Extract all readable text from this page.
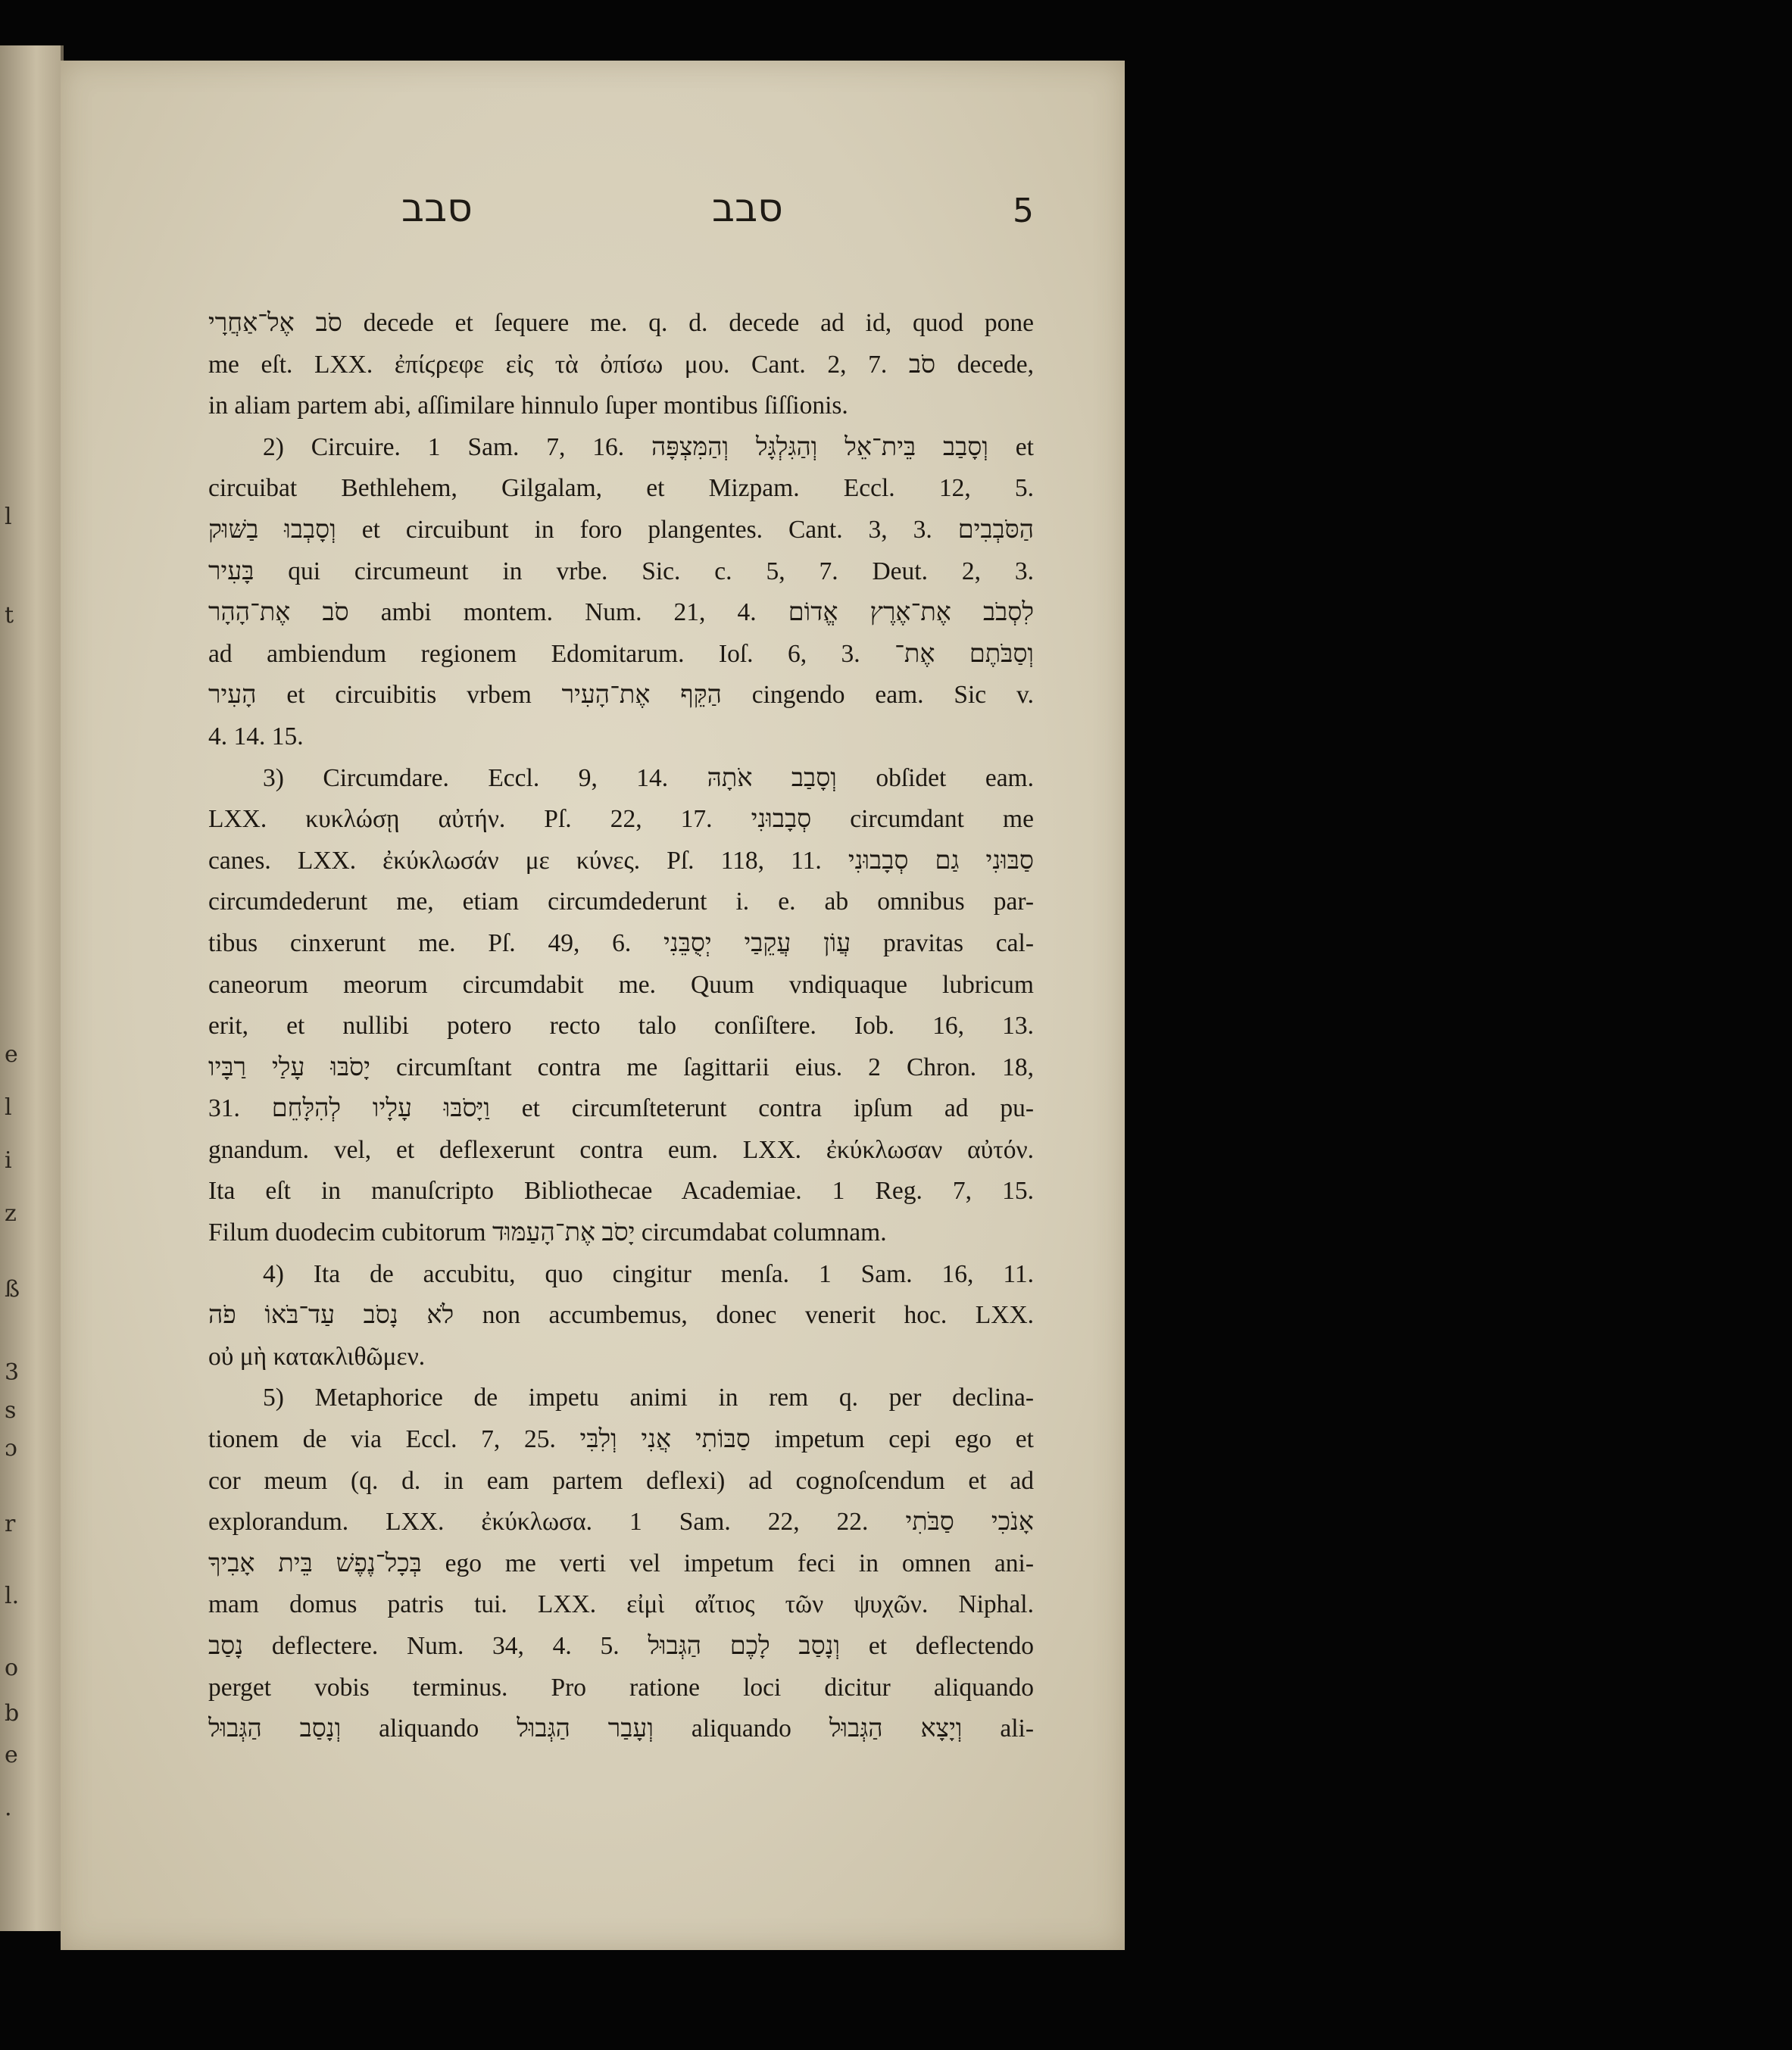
l
t
e
l
i
z
ß
3
s
ɔ
r
l.
o
b
e
.
סבב	סבב	5
סֹב אֶל־אַחֲרָי decede et ſequere me. q. d. decede ad id, quod pone
me eſt. LXX. ἐπίϛρεφε εἰς τὰ ὀπίσω μου. Cant. 2, 7. סֹב decede,
in aliam partem abi, aſſimilare hinnulo ſuper montibus ſiſſionis.
2) Circuire. 1 Sam. 7, 16. וְסָבַב בֵּית־אֵל וְהַגִּלְגָּל וְהַמִּצְפָּה et
circuibat Bethlehem, Gilgalam, et Mizpam. Eccl. 12, 5.
וְסָבְבוּ בַשּׁוּק et circuibunt in foro plangentes. Cant. 3, 3. הַסֹּבְבִים
בָּעִיר qui circumeunt in vrbe. Sic. c. 5, 7. Deut. 2, 3.
סֹב אֶת־הָהָר ambi montem. Num. 21, 4. לִסְבֹב אֶת־אֶרֶץ אֱדוֹם
ad ambiendum regionem Edomitarum. Ioſ. 6, 3. וְסַבֹּתֶם אֶת־
הָעִיר et circuibitis vrbem הַקֵּף אֶת־הָעִיר cingendo eam. Sic v.
4. 14. 15.
3) Circumdare. Eccl. 9, 14. וְסָבַב אֹתָהּ obſidet eam.
LXX. κυκλώσῃ αὐτήν. Pſ. 22, 17. סְבָבוּנִי circumdant me
canes. LXX. ἐκύκλωσάν με κύνες. Pſ. 118, 11. סַבּוּנִי גַם סְבָבוּנִי
circumdederunt me, etiam circumdederunt i. e. ab omnibus par-
tibus cinxerunt me. Pſ. 49, 6. עֲוֹן עֲקֵבַי יְסֻבֵּנִי pravitas cal-
caneorum meorum circumdabit me. Quum vndiquaque lubricum
erit, et nullibi potero recto talo conſiſtere. Iob. 16, 13.
יָסֹבּוּ עָלַי רַבָּיו circumſtant contra me ſagittarii eius. 2 Chron. 18,
31. וַיָּסֹבּוּ עָלָיו לְהִלָּחֵם et circumſteterunt contra ipſum ad pu-
gnandum. vel, et deflexerunt contra eum. LXX. ἐκύκλωσαν αὐτόν.
Ita eſt in manuſcripto Bibliothecae Academiae. 1 Reg. 7, 15.
Filum duodecim cubitorum יָסֹב אֶת־הָעַמּוּד circumdabat columnam.
4) Ita de accubitu, quo cingitur menſa. 1 Sam. 16, 11.
לֹא נָסֹב עַד־בֹּאוֹ פֹה non accumbemus, donec venerit hoc. LXX.
οὐ μὴ κατακλιθῶμεν.
5) Metaphorice de impetu animi in rem q. per declina-
tionem de via Eccl. 7, 25. סַבּוֹתִי אֲנִי וְלִבִּי impetum cepi ego et
cor meum (q. d. in eam partem deflexi) ad cognoſcendum et ad
explorandum. LXX. ἐκύκλωσα. 1 Sam. 22, 22. אָנֹכִי סַבֹּתִי
בְּכָל־נֶפֶשׁ בֵּית אָבִיךָ ego me verti vel impetum feci in omnen ani-
mam domus patris tui. LXX. εἰμὶ αἴτιος τῶν ψυχῶν. Niphal.
נָסַב deflectere. Num. 34, 4. 5. וְנָסַב לָכֶם הַגְּבוּל et deflectendo
perget vobis terminus. Pro ratione loci dicitur aliquando
וְנָסַב הַגְּבוּל aliquando וְעָבַר הַגְּבוּל aliquando וְיָצָא הַגְּבוּל ali-
